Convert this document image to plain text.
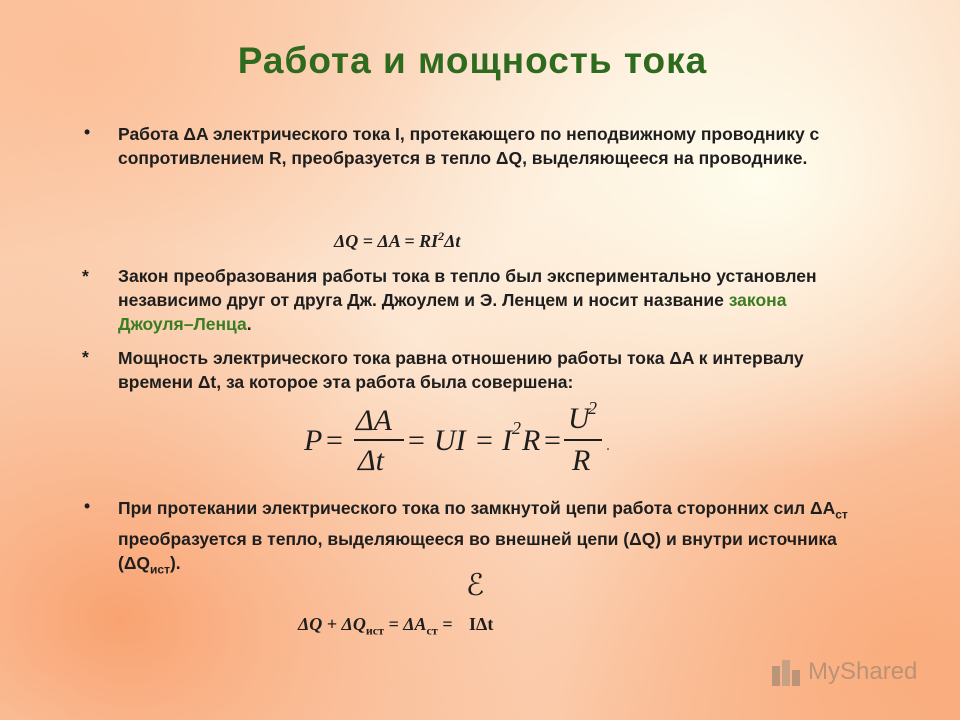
Работа и мощность тока
• Работа ΔA электрического тока I, протекающего по неподвижному проводнику с сопротивлением R, преобразуется в тепло ΔQ, выделяющееся на проводнике.
$\Delta Q = \Delta A = RI^2\Delta t$
* Закон преобразования работы тока в тепло был экспериментально установлен независимо друг от друга Дж. Джоулем и Э. Ленцем и носит название закона Джоуля–Ленца.
* Мощность электрического тока равна отношению работы тока ΔA к интервалу времени Δt, за которое эта работа была совершена:
P =
ΔA
Δt
= UI = I 2 R =
U
2
R .
• При протекании электрического тока по замкнутой цепи работа сторонних сил $\Delta A_{ст}$ преобразуется в тепло, выделяющееся во внешней цепи (ΔQ) и внутри источника $(\Delta Q_{ист})$.
ℰ
$\Delta Q + \Delta Q_{ист} = \Delta A_{ст} = I\Delta t$
MyShared
